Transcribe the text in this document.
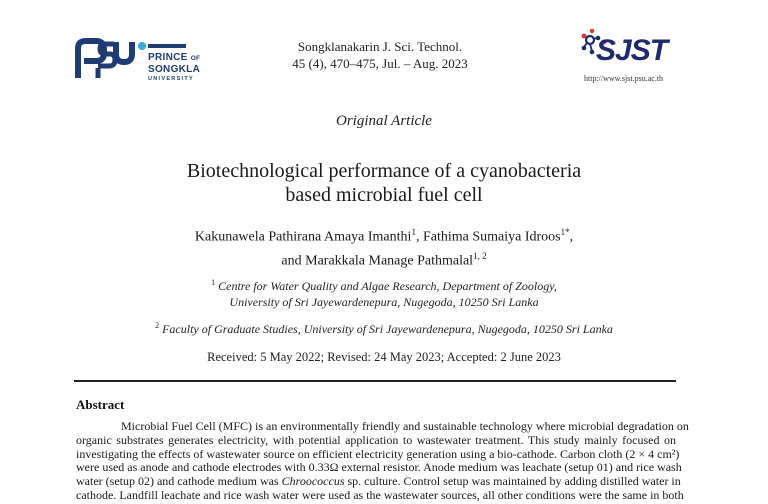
PRINCE OF
SONGKLA
UNIVERSITY
Songklanakarin J. Sci. Technol.
45 (4), 470–475, Jul. – Aug. 2023	SJST
http://www.sjst.psu.ac.th
Original Article
Biotechnological performance of a cyanobacteria
based microbial fuel cell
Kakunawela Pathirana Amaya Imanthi$^1$, Fathima Sumaiya Idroos$^{1*}$,
and Marakkala Manage Pathmalal$^{1, 2}$
$^1$ Centre for Water Quality and Algae Research, Department of Zoology,
University of Sri Jayewardenepura, Nugegoda, 10250 Sri Lanka
$^2$ Faculty of Graduate Studies, University of Sri Jayewardenepura, Nugegoda, 10250 Sri Lanka
Received: 5 May 2022; Revised: 24 May 2023; Accepted: 2 June 2023
Abstract
Microbial Fuel Cell (MFC) is an environmentally friendly and sustainable technology where microbial degradation on
organic substrates generates electricity, with potential application to wastewater treatment. This study mainly focused on
investigating the effects of wastewater source on efficient electricity generation using a bio-cathode. Carbon cloth (2 × 4 cm²)
were used as anode and cathode electrodes with 0.33Ω external resistor. Anode medium was leachate (setup 01) and rice wash
water (setup 02) and cathode medium was Chroococcus sp. culture. Control setup was maintained by adding distilled water in
cathode. Landfill leachate and rice wash water were used as the wastewater sources, all other conditions were the same in both
